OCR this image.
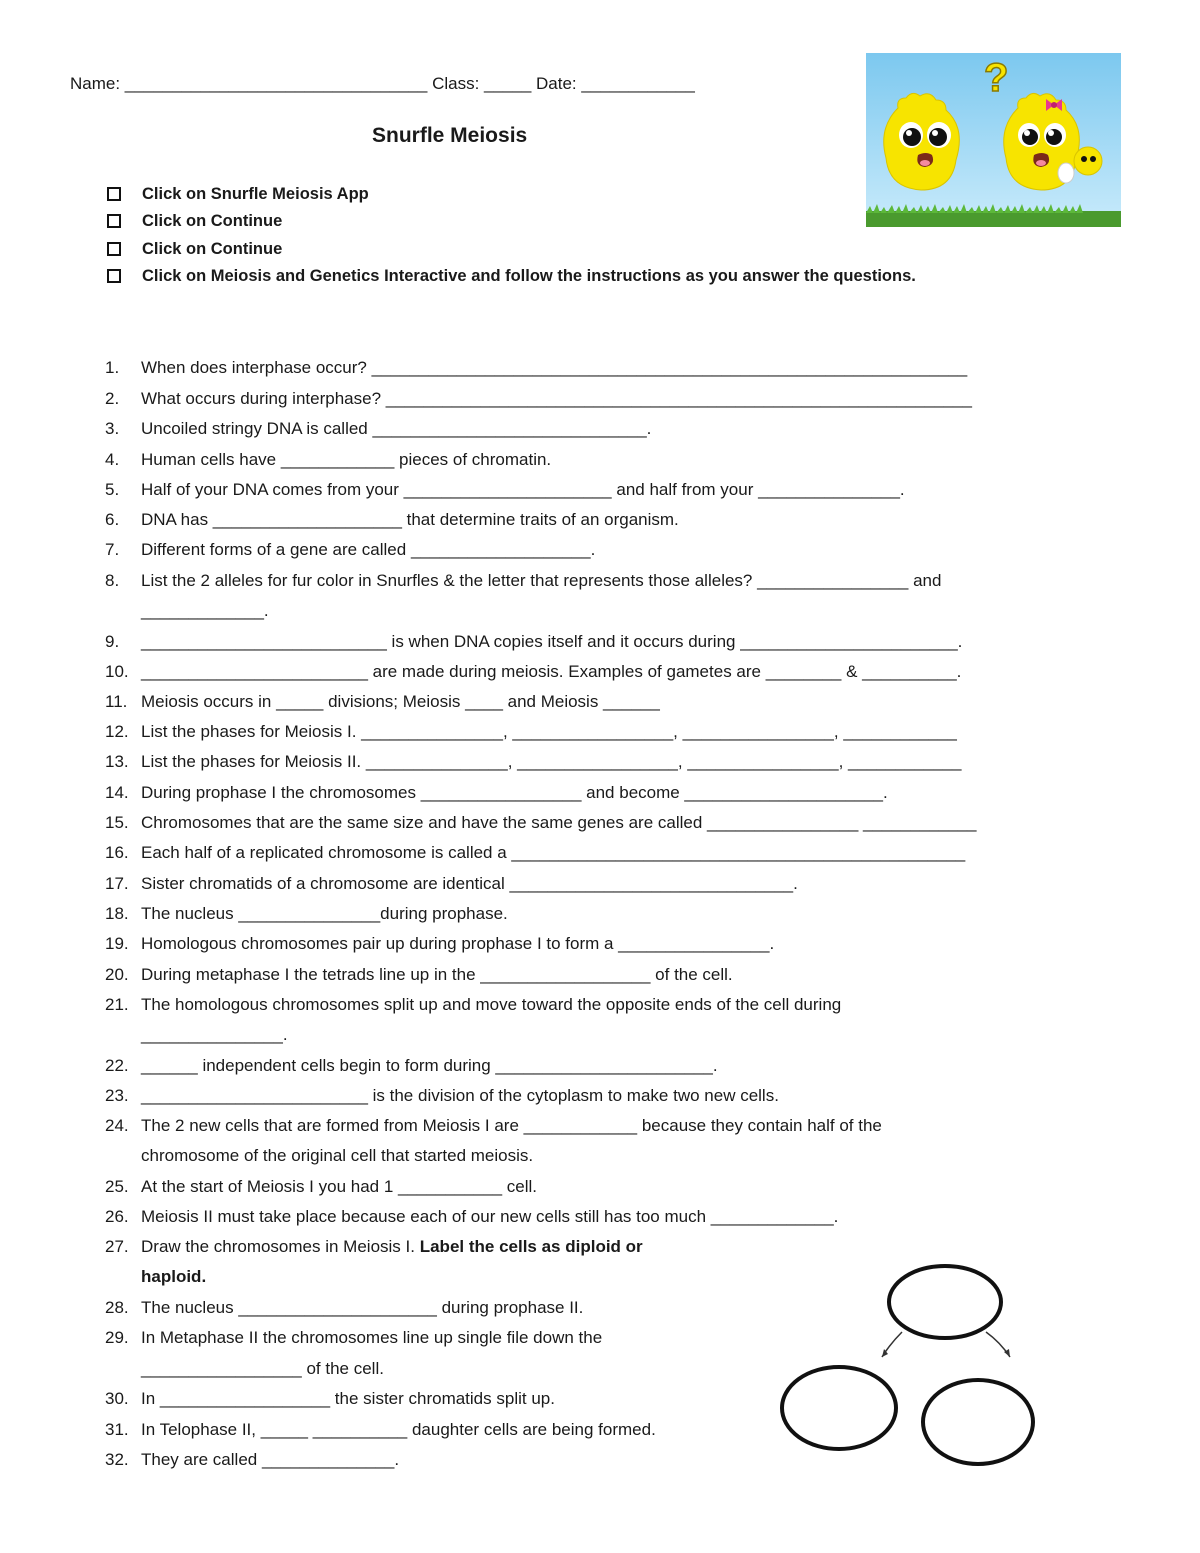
Name: ________________________________ Class: _____ Date: ____________
Snurfle Meiosis
Click on Snurfle Meiosis App
Click on Continue
Click on Continue
Click on Meiosis and Genetics Interactive and follow the instructions as you answer the questions.
?
1.	When does interphase occur? _______________________________________________________________
2.	What occurs during interphase? ______________________________________________________________
3.	Uncoiled stringy DNA is called _____________________________.
4.	Human cells have ____________ pieces of chromatin.
5.	Half of your DNA comes from your ______________________ and half from your _______________.
6.	DNA has ____________________ that determine traits of an organism.
7.	Different forms of a gene are called ___________________.
8.	List the 2 alleles for fur color in Snurfles & the letter that represents those alleles? ________________ and
_____________.
9.	__________________________ is when DNA copies itself and it occurs during _______________________.
10. ________________________ are made during meiosis. Examples of gametes are ________ & __________.
11. Meiosis occurs in _____ divisions; Meiosis ____ and Meiosis ______
12. List the phases for Meiosis I. _______________, _________________, ________________, ____________
13. List the phases for Meiosis II. _______________, _________________, ________________, ____________
14. During prophase I the chromosomes _________________ and become _____________________.
15. Chromosomes that are the same size and have the same genes are called ________________ ____________
16. Each half of a replicated chromosome is called a ________________________________________________
17. Sister chromatids of a chromosome are identical ______________________________.
18. The nucleus _______________during prophase.
19. Homologous chromosomes pair up during prophase I to form a ________________.
20. During metaphase I the tetrads line up in the __________________ of the cell.
21. The homologous chromosomes split up and move toward the opposite ends of the cell during
_______________.
22. ______ independent cells begin to form during _______________________.
23. ________________________ is the division of the cytoplasm to make two new cells.
24. The 2 new cells that are formed from Meiosis I are ____________ because they contain half of the
chromosome of the original cell that started meiosis.
25. At the start of Meiosis I you had 1 ___________ cell.
26. Meiosis II must take place because each of our new cells still has too much _____________.
27. Draw the chromosomes in Meiosis I. Label the cells as diploid or
haploid.
28. The nucleus _____________________ during prophase II.
29. In Metaphase II the chromosomes line up single file down the
_________________ of the cell.
30. In __________________ the sister chromatids split up.
31. In Telophase II, _____ __________ daughter cells are being formed.
32. They are called ______________.
